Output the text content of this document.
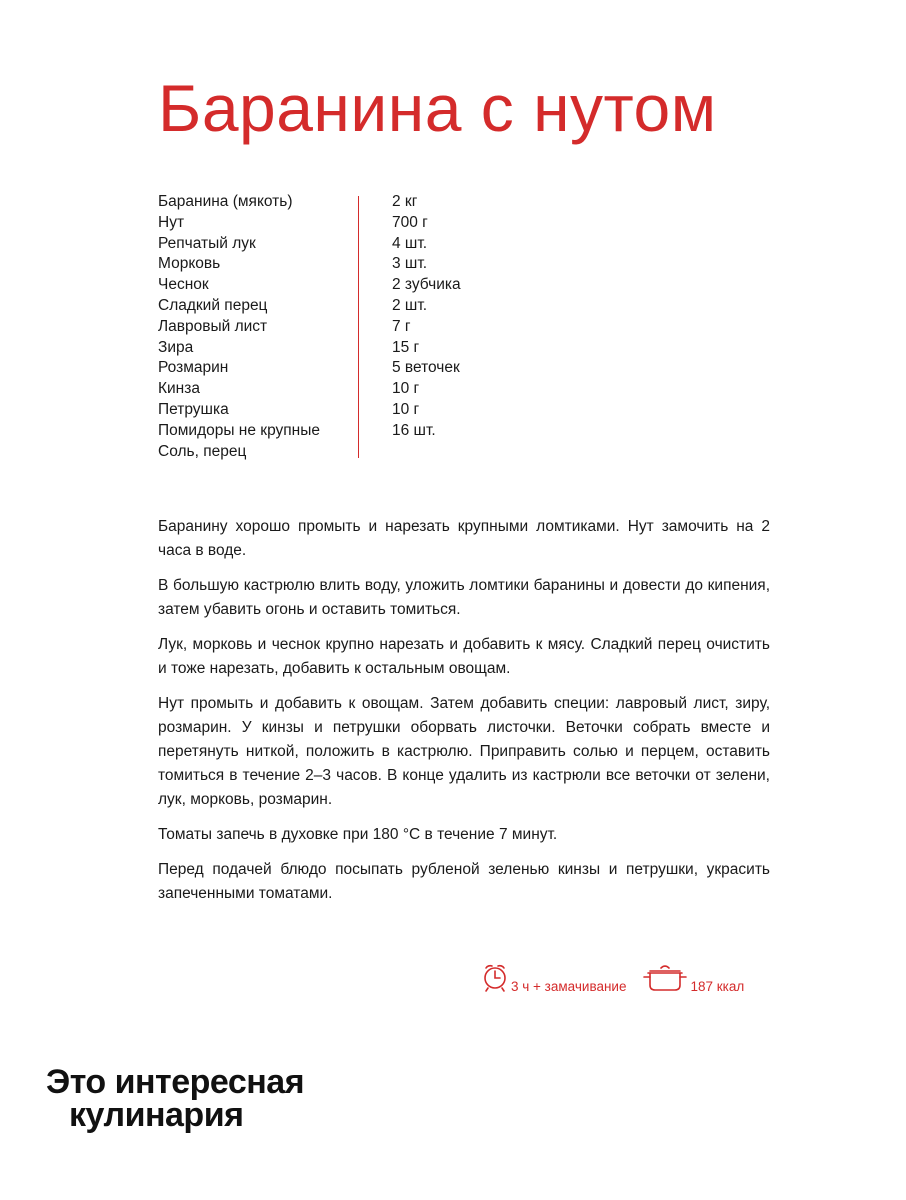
Баранина с нутом
Баранина (мякоть)	2 кг
Нут	700 г
Репчатый лук	4 шт.
Морковь	3 шт.
Чеснок	2 зубчика
Сладкий перец	2 шт.
Лавровый лист	7 г
Зира	15 г
Розмарин	5 веточек
Кинза	10 г
Петрушка	10 г
Помидоры не крупные	16 шт.
Соль, перец

Баранину хорошо промыть и нарезать крупными ломтиками. Нут замочить на 2 часа в воде.

В большую кастрюлю влить воду, уложить ломтики баранины и довести до кипения, затем убавить огонь и оставить томиться.

Лук, морковь и чеснок крупно нарезать и добавить к мясу. Сладкий перец очистить и тоже нарезать, добавить к остальным овощам.

Нут промыть и добавить к овощам. Затем добавить специи: лавровый лист, зиру, розмарин. У кинзы и петрушки оборвать листочки. Веточки собрать вместе и перетянуть ниткой, положить в кастрюлю. Приправить солью и перцем, оставить томиться в течение 2–3 часов. В конце удалить из кастрюли все веточки от зелени, лук, морковь, розмарин.

Томаты запечь в духовке при 180 °С в течение 7 минут.

Перед подачей блюдо посыпать рубленой зеленью кинзы и петрушки, украсить запеченными томатами.

3 ч + замачивание	187 ккал
Это интересная
кулинария
